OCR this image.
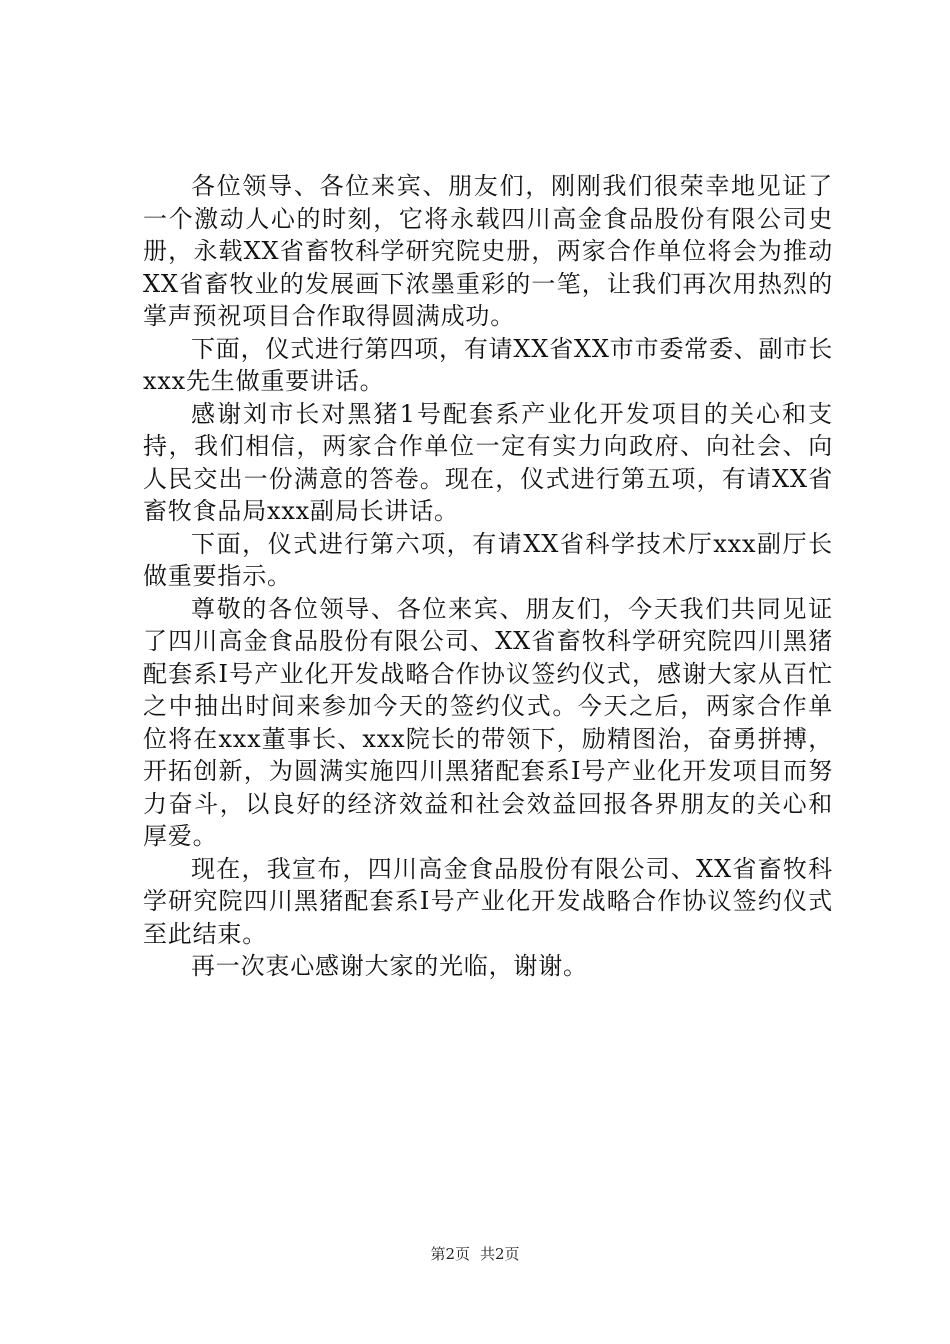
各位领导、各位来宾、朋友们，刚刚我们很荣幸地见证了一个激动人心的时刻，它将永载四川高金食品股份有限公司史册，永载XX省畜牧科学研究院史册，两家合作单位将会为推动XX省畜牧业的发展画下浓墨重彩的一笔，让我们再次用热烈的掌声预祝项目合作取得圆满成功。

下面，仪式进行第四项，有请XX省XX市市委常委、副市长xxx先生做重要讲话。

感谢刘市长对黑猪1号配套系产业化开发项目的关心和支持，我们相信，两家合作单位一定有实力向政府、向社会、向人民交出一份满意的答卷。现在，仪式进行第五项，有请XX省畜牧食品局xxx副局长讲话。

下面，仪式进行第六项，有请XX省科学技术厅xxx副厅长做重要指示。

尊敬的各位领导、各位来宾、朋友们，今天我们共同见证了四川高金食品股份有限公司、XX省畜牧科学研究院四川黑猪配套系Ⅰ号产业化开发战略合作协议签约仪式，感谢大家从百忙之中抽出时间来参加今天的签约仪式。今天之后，两家合作单位将在xxx董事长、xxx院长的带领下，励精图治，奋勇拼搏，开拓创新，为圆满实施四川黑猪配套系Ⅰ号产业化开发项目而努力奋斗，以良好的经济效益和社会效益回报各界朋友的关心和厚爱。

现在，我宣布，四川高金食品股份有限公司、XX省畜牧科学研究院四川黑猪配套系Ⅰ号产业化开发战略合作协议签约仪式至此结束。

再一次衷心感谢大家的光临，谢谢。

第2页 共2页
